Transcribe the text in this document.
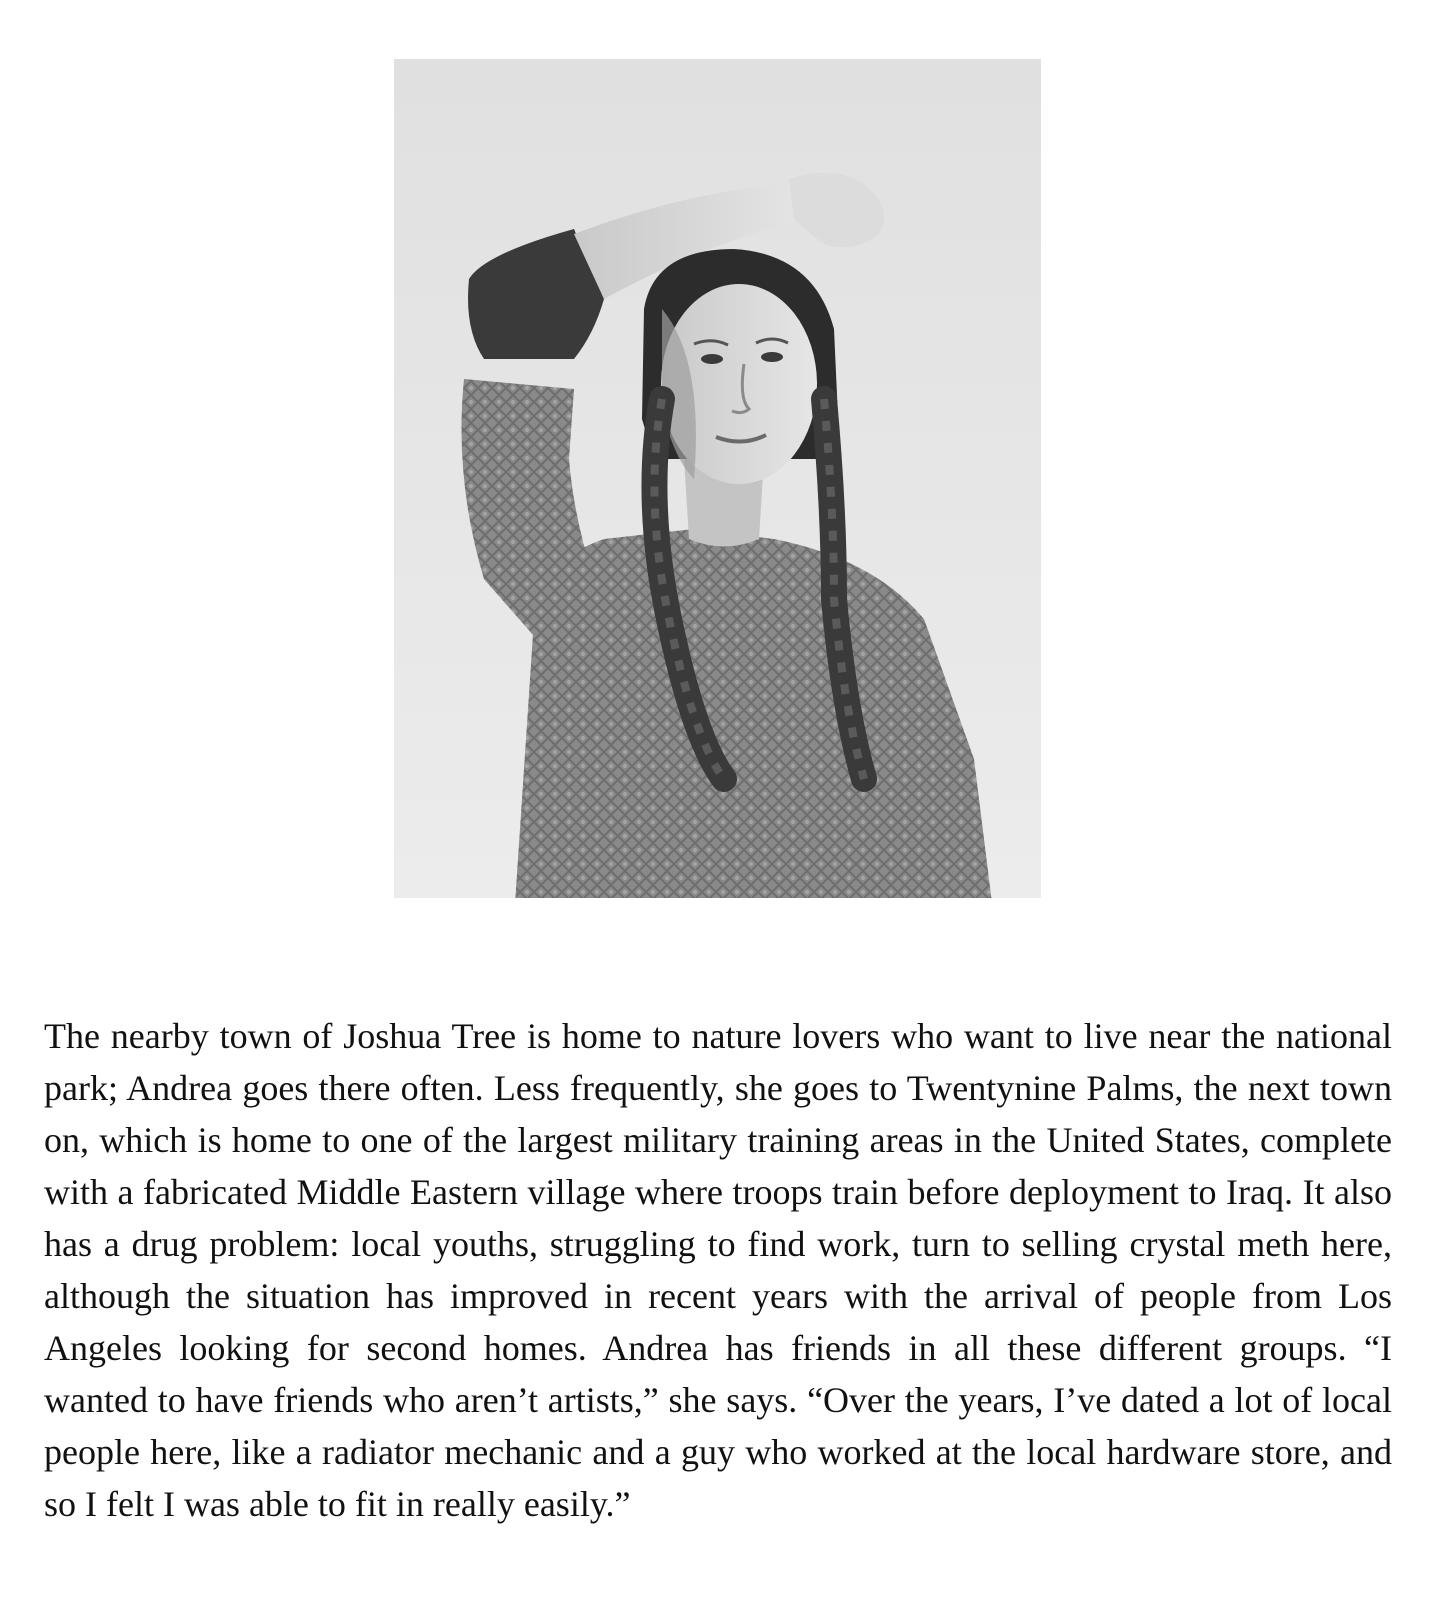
The nearby town of Joshua Tree is home to nature lovers who want to live near the national park; Andrea goes there often. Less frequently, she goes to Twentynine Palms, the next town on, which is home to one of the largest military training areas in the United States, complete with a fabricated Middle Eastern village where troops train before deployment to Iraq. It also has a drug problem: local youths, struggling to find work, turn to selling crystal meth here, although the situation has improved in recent years with the arrival of people from Los Angeles looking for second homes. Andrea has friends in all these different groups. “I wanted to have friends who aren’t artists,” she says. “Over the years, I’ve dated a lot of local people here, like a radiator mechanic and a guy who worked at the local hardware store, and so I felt I was able to fit in really easily.”
